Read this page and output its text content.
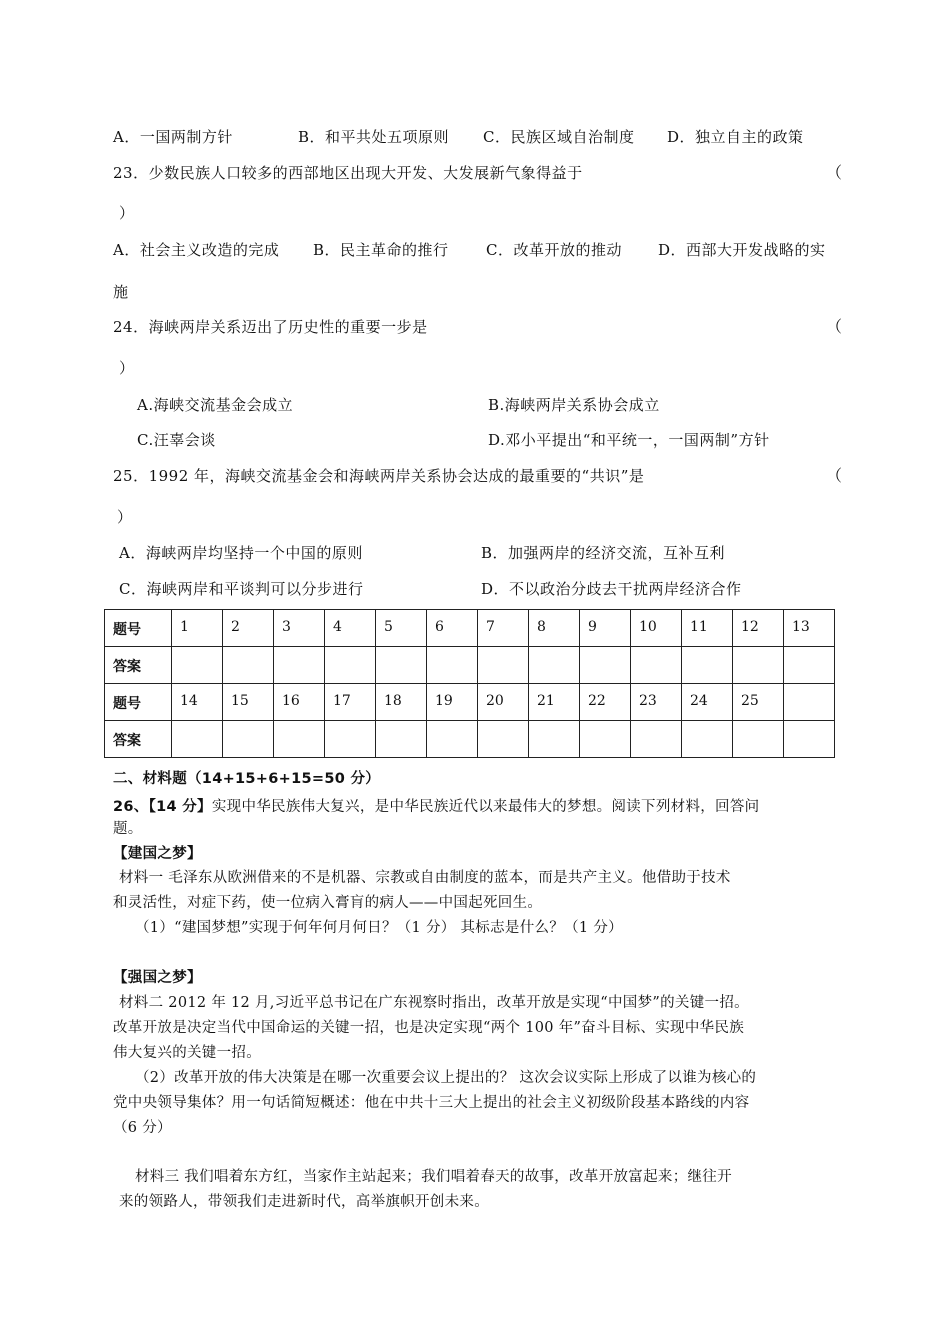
A．一国两制方针	B．和平共处五项原则 C．民族区域自治制度 D．独立自主的政策
23．少数民族人口较多的西部地区出现大开发、大发展新气象得益于	（
）
A．社会主义改造的完成 B．民主革命的推行 C．改革开放的推动 D．西部大开发战略的实
施
24．海峡两岸关系迈出了历史性的重要一步是	（
）
A.海峡交流基金会成立	B.海峡两岸关系协会成立
C.汪辜会谈	D.邓小平提出“和平统一，一国两制”方针
25．1992 年，海峡交流基金会和海峡两岸关系协会达成的最重要的“共识”是	（
）
A．海峡两岸均坚持一个中国的原则	B．加强两岸的经济交流，互补互利
C．海峡两岸和平谈判可以分步进行	D．不以政治分歧去干扰两岸经济合作
题号	1	2	3	4	5	6	7	8	9	10	11	12	13
答案													
题号	14	15	16	17	18	19	20	21	22	23	24	25	
答案													
二、材料题（14+15+6+15=50 分）
26、【14 分】实现中华民族伟大复兴，是中华民族近代以来最伟大的梦想。阅读下列材料，回答问
题。
【建国之梦】
材料一 毛泽东从欧洲借来的不是机器、宗教或自由制度的蓝本，而是共产主义。他借助于技术
和灵活性，对症下药，使一位病入膏肓的病人——中国起死回生。
（1）“建国梦想”实现于何年何月何日？（1 分） 其标志是什么？（1 分）
【强国之梦】
材料二 2012 年 12 月,习近平总书记在广东视察时指出，改革开放是实现“中国梦”的关键一招。
改革开放是决定当代中国命运的关键一招，也是决定实现“两个 100 年”奋斗目标、实现中华民族
伟大复兴的关键一招。
（2）改革开放的伟大决策是在哪一次重要会议上提出的？ 这次会议实际上形成了以谁为核心的
党中央领导集体？用一句话简短概述：他在中共十三大上提出的社会主义初级阶段基本路线的内容
（6 分）
材料三 我们唱着东方红，当家作主站起来；我们唱着春天的故事，改革开放富起来；继往开
来的领路人，带领我们走进新时代，高举旗帜开创未来。
